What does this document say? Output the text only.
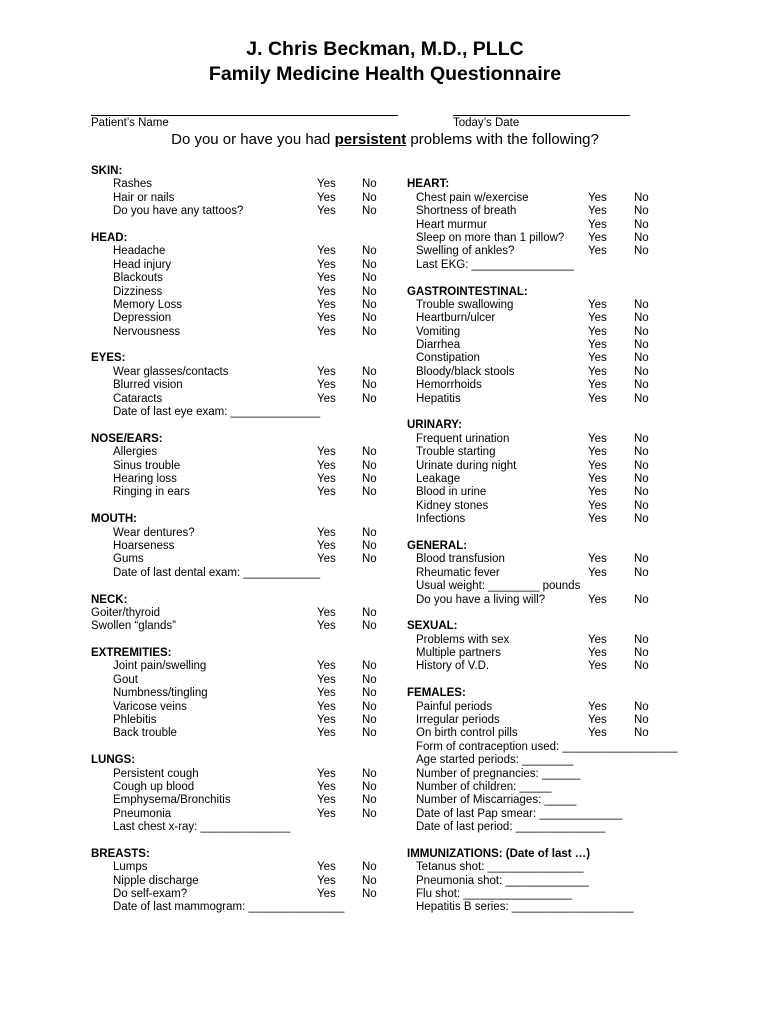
J. Chris Beckman, M.D., PLLC
Family Medicine Health Questionnaire
Patient’s Name	Today’s Date
Do you or have you had persistent problems with the following?
SKIN:
Rashes	Yes No
Hair or nails	Yes No
Do you have any tattoos?	Yes No
HEAD:
Headache	Yes No
Head injury	Yes No
Blackouts	Yes No
Dizziness	Yes No
Memory Loss	Yes No
Depression	Yes No
Nervousness	Yes No
EYES:
Wear glasses/contacts	Yes No
Blurred vision	Yes No
Cataracts	Yes No
Date of last eye exam: ______________
NOSE/EARS:
Allergies	Yes No
Sinus trouble	Yes No
Hearing loss	Yes No
Ringing in ears	Yes No
MOUTH:
Wear dentures?	Yes No
Hoarseness	Yes No
Gums	Yes No
Date of last dental exam: ____________
NECK:
Goiter/thyroid	Yes No
Swollen “glands”	Yes No
EXTREMITIES:
Joint pain/swelling	Yes No
Gout	Yes No
Numbness/tingling	Yes No
Varicose veins	Yes No
Phlebitis	Yes No
Back trouble	Yes No
LUNGS:
Persistent cough	Yes No
Cough up blood	Yes No
Emphysema/Bronchitis	Yes No
Pneumonia	Yes No
Last chest x-ray: ______________
BREASTS:
Lumps	Yes No
Nipple discharge	Yes No
Do self-exam?	Yes No
Date of last mammogram: _______________
HEART:
Chest pain w/exercise	Yes No
Shortness of breath	Yes No
Heart murmur	Yes No
Sleep on more than 1 pillow? Yes No
Swelling of ankles?	Yes No
Last EKG: ________________
GASTROINTESTINAL:
Trouble swallowing	Yes No
Heartburn/ulcer	Yes No
Vomiting	Yes No
Diarrhea	Yes No
Constipation	Yes No
Bloody/black stools	Yes No
Hemorrhoids	Yes No
Hepatitis	Yes No
URINARY:
Frequent urination	Yes No
Trouble starting	Yes No
Urinate during night	Yes No
Leakage	Yes No
Blood in urine	Yes No
Kidney stones	Yes No
Infections	Yes No
GENERAL:
Blood transfusion	Yes No
Rheumatic fever	Yes No
Usual weight: ________ pounds
Do you have a living will?	Yes No
SEXUAL:
Problems with sex	Yes No
Multiple partners	Yes No
History of V.D.	Yes No
FEMALES:
Painful periods	Yes No
Irregular periods	Yes No
On birth control pills	Yes No
Form of contraception used: __________________
Age started periods: ________
Number of pregnancies: ______
Number of children: _____
Number of Miscarriages: _____
Date of last Pap smear: _____________
Date of last period: ______________
IMMUNIZATIONS: (Date of last …)
Tetanus shot: _______________
Pneumonia shot: _____________
Flu shot: _________________
Hepatitis B series: ___________________
